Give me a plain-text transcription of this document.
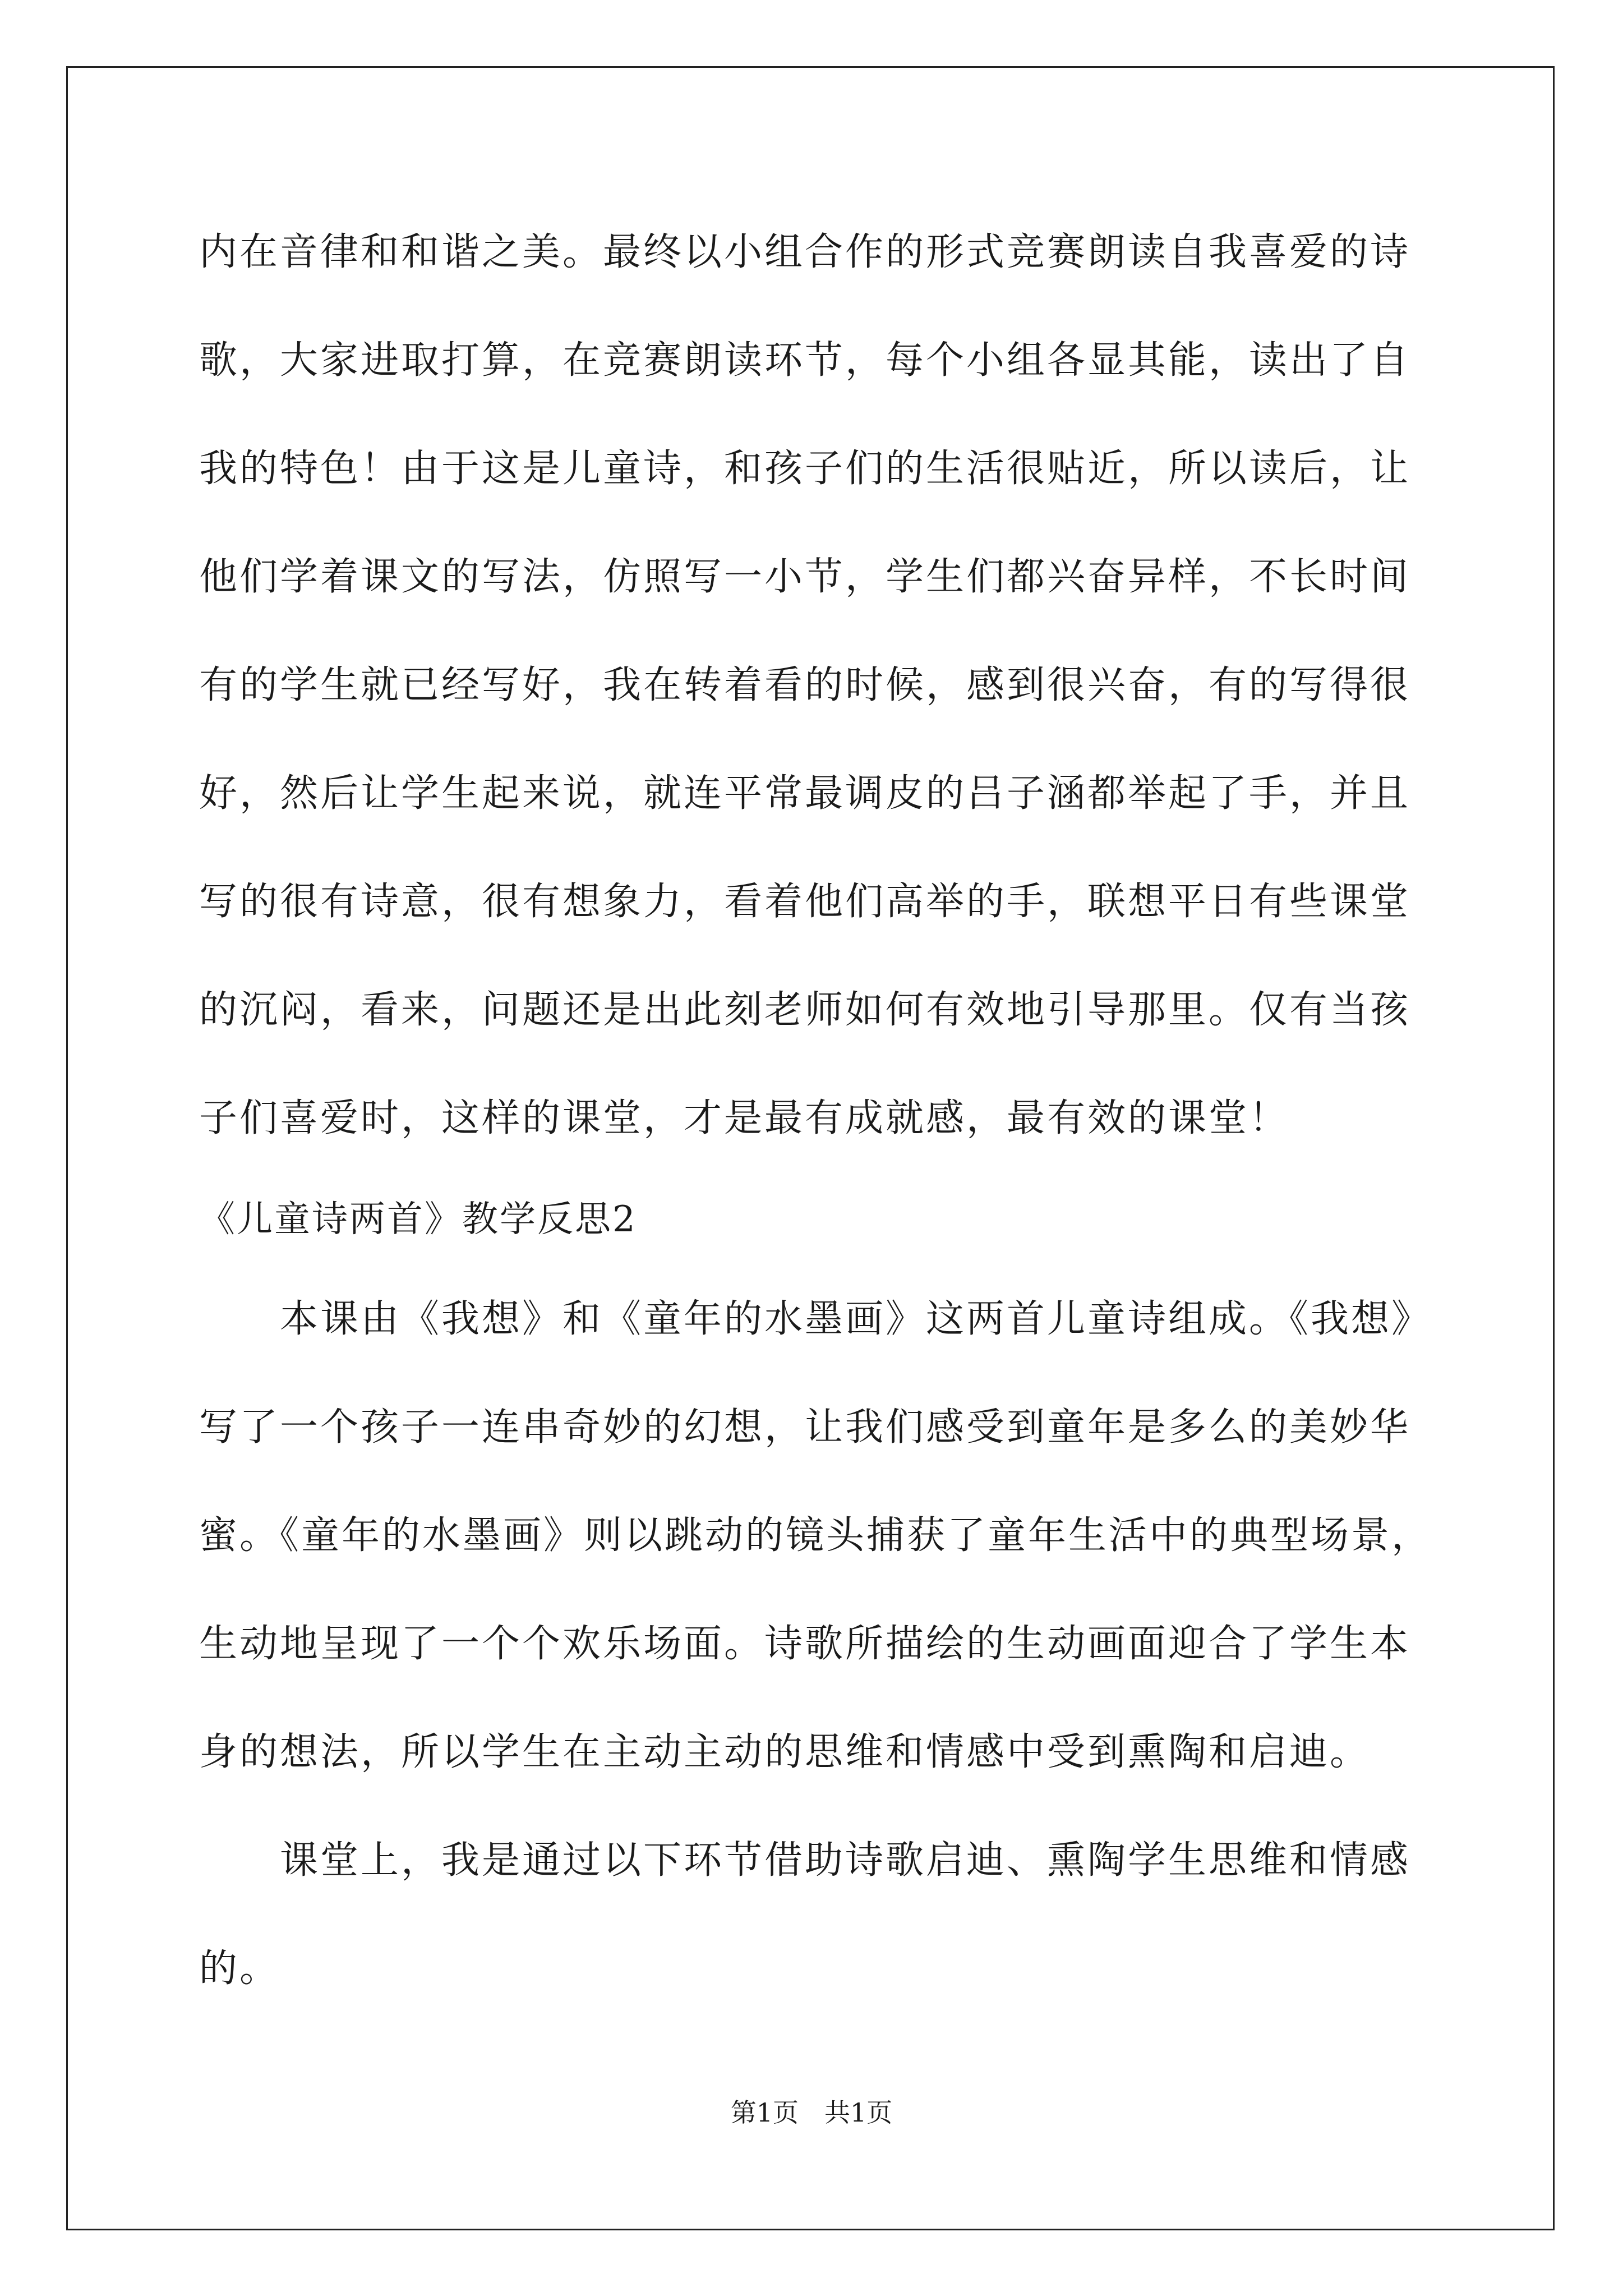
内在音律和和谐之美。最终以小组合作的形式竞赛朗读自我喜爱的诗
歌，大家进取打算，在竞赛朗读环节，每个小组各显其能，读出了自
我的特色！由于这是儿童诗，和孩子们的生活很贴近，所以读后，让
他们学着课文的写法，仿照写一小节，学生们都兴奋异样，不长时间
有的学生就已经写好，我在转着看的时候，感到很兴奋，有的写得很
好，然后让学生起来说，就连平常最调皮的吕子涵都举起了手，并且
写的很有诗意，很有想象力，看着他们高举的手，联想平日有些课堂
的沉闷，看来，问题还是出此刻老师如何有效地引导那里。仅有当孩
子们喜爱时，这样的课堂，才是最有成就感，最有效的课堂！
《儿童诗两首》教学反思2
　　本课由《我想》和《童年的水墨画》这两首儿童诗组成。《我想》
写了一个孩子一连串奇妙的幻想，让我们感受到童年是多么的美妙华
蜜。《童年的水墨画》则以跳动的镜头捕获了童年生活中的典型场景，
生动地呈现了一个个欢乐场面。诗歌所描绘的生动画面迎合了学生本
身的想法，所以学生在主动主动的思维和情感中受到熏陶和启迪。
　　课堂上，我是通过以下环节借助诗歌启迪、熏陶学生思维和情感
的。
第1页　共1页
